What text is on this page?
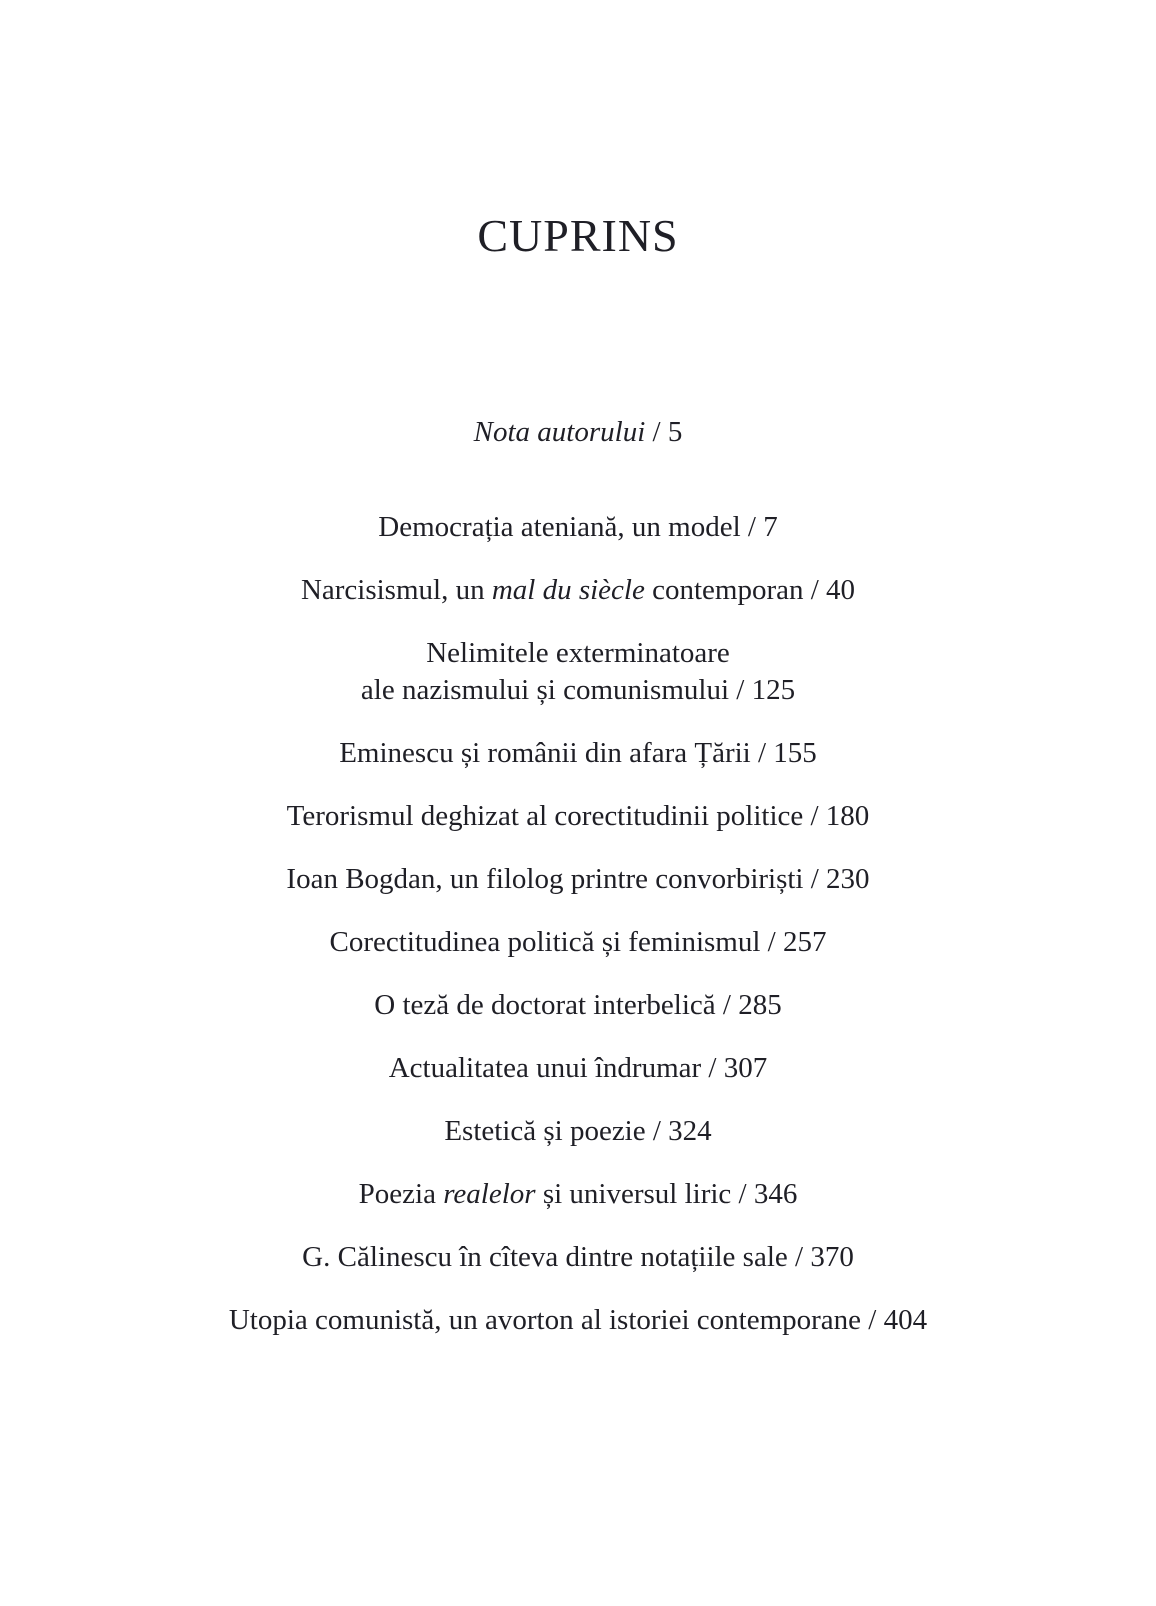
CUPRINS

Nota autorului / 5

Democrația ateniană, un model / 7

Narcisismul, un mal du siècle contemporan / 40

Nelimitele exterminatoare
ale nazismului și comunismului / 125

Eminescu și românii din afara Țării / 155

Terorismul deghizat al corectitudinii politice / 180

Ioan Bogdan, un filolog printre convorbiriști / 230

Corectitudinea politică și feminismul / 257

O teză de doctorat interbelică / 285

Actualitatea unui îndrumar / 307

Estetică și poezie / 324

Poezia realelor și universul liric / 346

G. Călinescu în cîteva dintre notațiile sale / 370

Utopia comunistă, un avorton al istoriei contemporane / 404
